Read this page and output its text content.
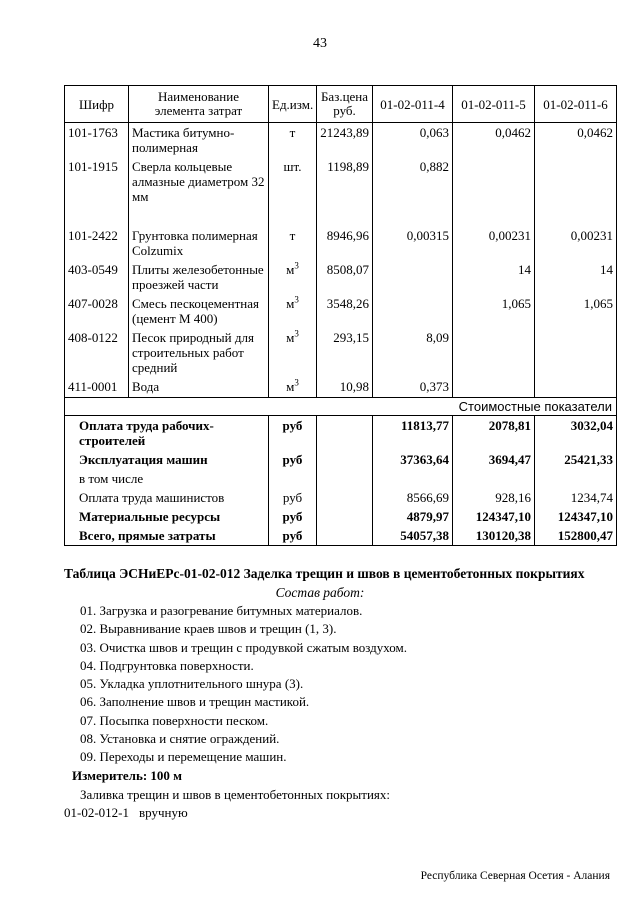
43
Шифр	Наименование элемента затрат	Ед.изм.	Баз.цена руб.	01-02-011-4	01-02-011-5	01-02-011-6
101-1763	Мастика битумно-полимерная	т	21243,89	0,063	0,0462	0,0462
101-1915	Сверла кольцевые алмазные диаметром 32 мм	шт.	1198,89	0,882		
101-2422	Грунтовка полимерная Colzumix	т	8946,96	0,00315	0,00231	0,00231
403-0549	Плиты железобетонные проезжей части	$м^3$	8508,07		14	14
407-0028	Смесь пескоцементная (цемент М 400)	$м^3$	3548,26		1,065	1,065
408-0122	Песок природный для строительных работ средний	$м^3$	293,15	8,09		
411-0001	Вода	$м^3$	10,98	0,373		
Стоимостные показатели						
Оплата труда рабочих-строителей		руб		11813,77	2078,81	3032,04
Эксплуатация машин		руб		37363,64	3694,47	25421,33
в том числе						
Оплата труда машинистов		руб		8566,69	928,16	1234,74
Материальные ресурсы		руб		4879,97	124347,10	124347,10
Всего, прямые затраты		руб		54057,38	130120,38	152800,47
Таблица ЭСНиЕРс-01-02-012 Заделка трещин и швов в цементобетонных покрытиях
Состав работ:
01. Загрузка и разогревание битумных материалов.
02. Выравнивание краев швов и трещин (1, 3).
03. Очистка швов и трещин с продувкой сжатым воздухом.
04. Подгрунтовка поверхности.
05. Укладка уплотнительного шнура (3).
06. Заполнение швов и трещин мастикой.
07. Посыпка поверхности песком.
08. Установка и снятие ограждений.
09. Переходы и перемещение машин.
Измеритель: 100 м
Заливка трещин и швов в цементобетонных покрытиях:
01-02-012-1 вручную
Республика Северная Осетия - Алания
